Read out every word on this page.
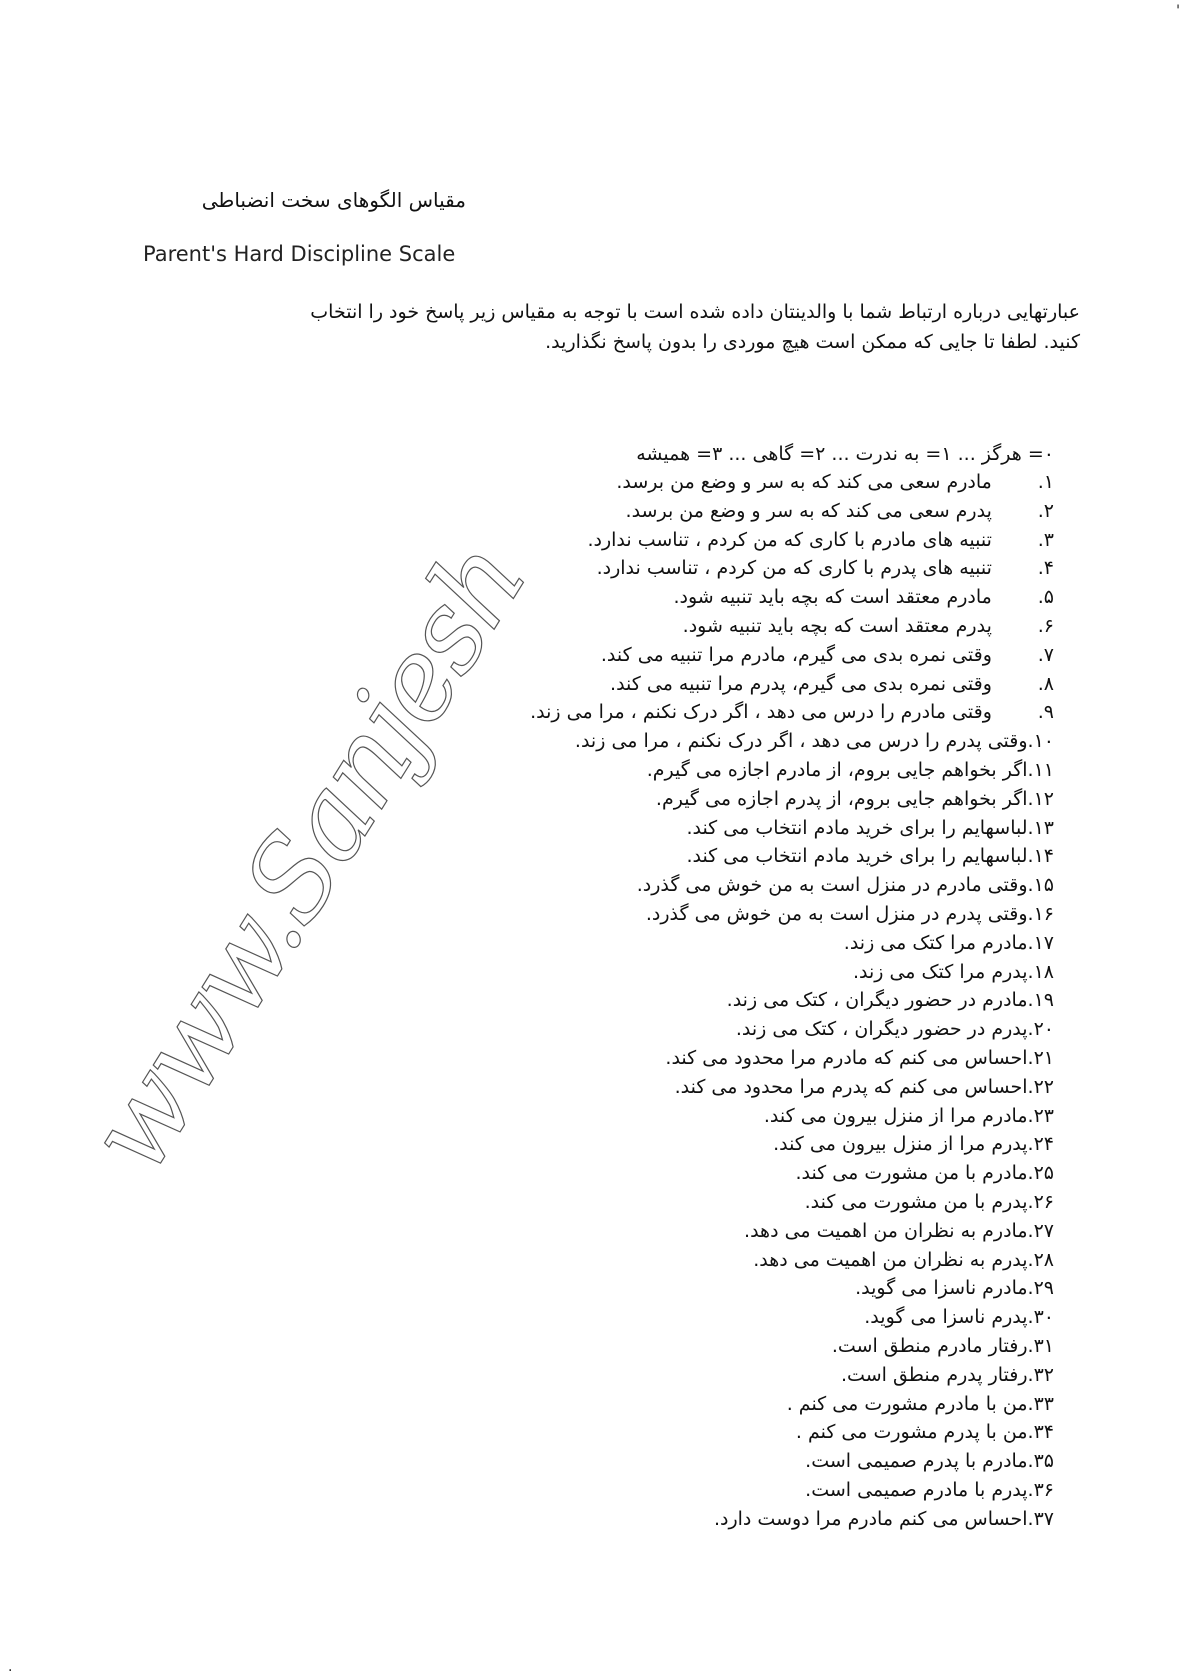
'
·
مقیاس الگوهای سخت انضباطی
Parent's Hard Discipline Scale
عبارتهایی درباره ارتباط شما با والدینتان داده شده است با توجه به مقیاس زیر پاسخ خود را انتخاب کنید. لطفا تا جایی که ممکن است هیچ موردی را بدون پاسخ نگذارید.
۰= هرگز ... ۱= به ندرت ... ۲= گاهی ... ۳= همیشه
۱.   مادرم سعی می کند که به سر و وضع من برسد.
۲.   پدرم سعی می کند که به سر و وضع من برسد.
۳.   تنبیه های مادرم با کاری که من کردم ، تناسب ندارد.
۴.   تنبیه های پدرم با کاری که من کردم ، تناسب ندارد.
۵.   مادرم معتقد است که بچه باید تنبیه شود.
۶.   پدرم معتقد است که بچه باید تنبیه شود.
۷.   وقتی نمره بدی می گیرم، مادرم مرا تنبیه می کند.
۸.   وقتی نمره بدی می گیرم، پدرم مرا تنبیه می کند.
۹.   وقتی مادرم را درس می دهد ، اگر درک نکنم ، مرا می زند.
۱۰.وقتی پدرم را درس می دهد ، اگر درک نکنم ، مرا می زند.
۱۱.اگر بخواهم جایی بروم، از مادرم اجازه می گیرم.
۱۲.اگر بخواهم جایی بروم، از پدرم اجازه می گیرم.
۱۳.لباسهایم را برای خرید مادم انتخاب می کند.
۱۴.لباسهایم را برای خرید مادم انتخاب می کند.
۱۵.وقتی مادرم در منزل است به من خوش می گذرد.
۱۶.وقتی پدرم در منزل است به من خوش می گذرد.
۱۷.مادرم مرا کتک می زند.
۱۸.پدرم مرا کتک می زند.
۱۹.مادرم در حضور دیگران ، کتک می زند.
۲۰.پدرم در حضور دیگران ، کتک می زند.
۲۱.احساس می کنم که مادرم مرا محدود می کند.
۲۲.احساس می کنم که پدرم مرا محدود می کند.
۲۳.مادرم مرا از منزل بیرون می کند.
۲۴.پدرم مرا از منزل بیرون می کند.
۲۵.مادرم با من مشورت می کند.
۲۶.پدرم با من مشورت می کند.
۲۷.مادرم به نظران من اهمیت می دهد.
۲۸.پدرم به نظران من اهمیت می دهد.
۲۹.مادرم ناسزا می گوید.
۳۰.پدرم ناسزا می گوید.
۳۱.رفتار مادرم منطق است.
۳۲.رفتار پدرم منطق است.
۳۳.من با مادرم مشورت می کنم .
۳۴.من با پدرم مشورت می کنم .
۳۵.مادرم با پدرم صمیمی است.
۳۶.پدرم با مادرم صمیمی است.
۳۷.احساس می کنم مادرم مرا دوست دارد.
www.Sanjesh
